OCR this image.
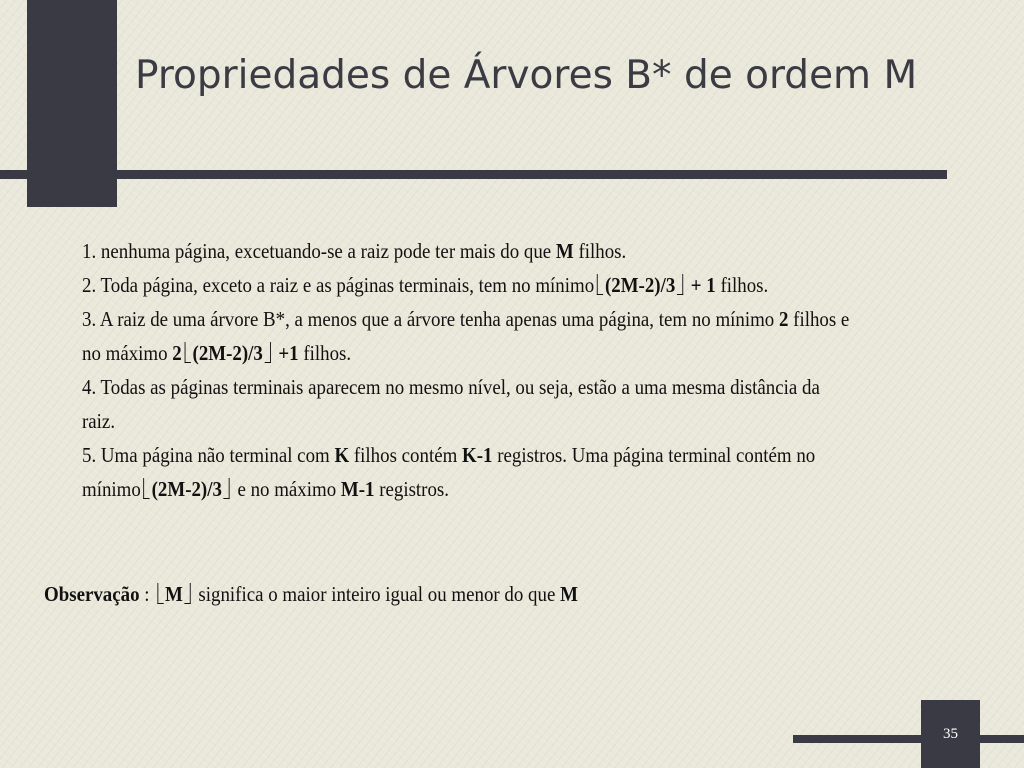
Propriedades de Árvores B* de ordem M

1. nenhuma página, excetuando-se a raiz pode ter mais do que M filhos.

2. Toda página, exceto a raiz e as páginas terminais, tem no mínimo (2M-2)/3 + 1 filhos.

3. A raiz de uma árvore B*, a menos que a árvore tenha apenas uma página, tem no mínimo 2 filhos e no máximo 2 (2M-2)/3 +1 filhos.

4. Todas as páginas terminais aparecem no mesmo nível, ou seja, estão a uma mesma distância da raiz.

5. Uma página não terminal com K filhos contém K-1 registros. Uma página terminal contém no mínimo (2M-2)/3 e no máximo M-1 registros.

Observação : M significa o maior inteiro igual ou menor do que M
35
